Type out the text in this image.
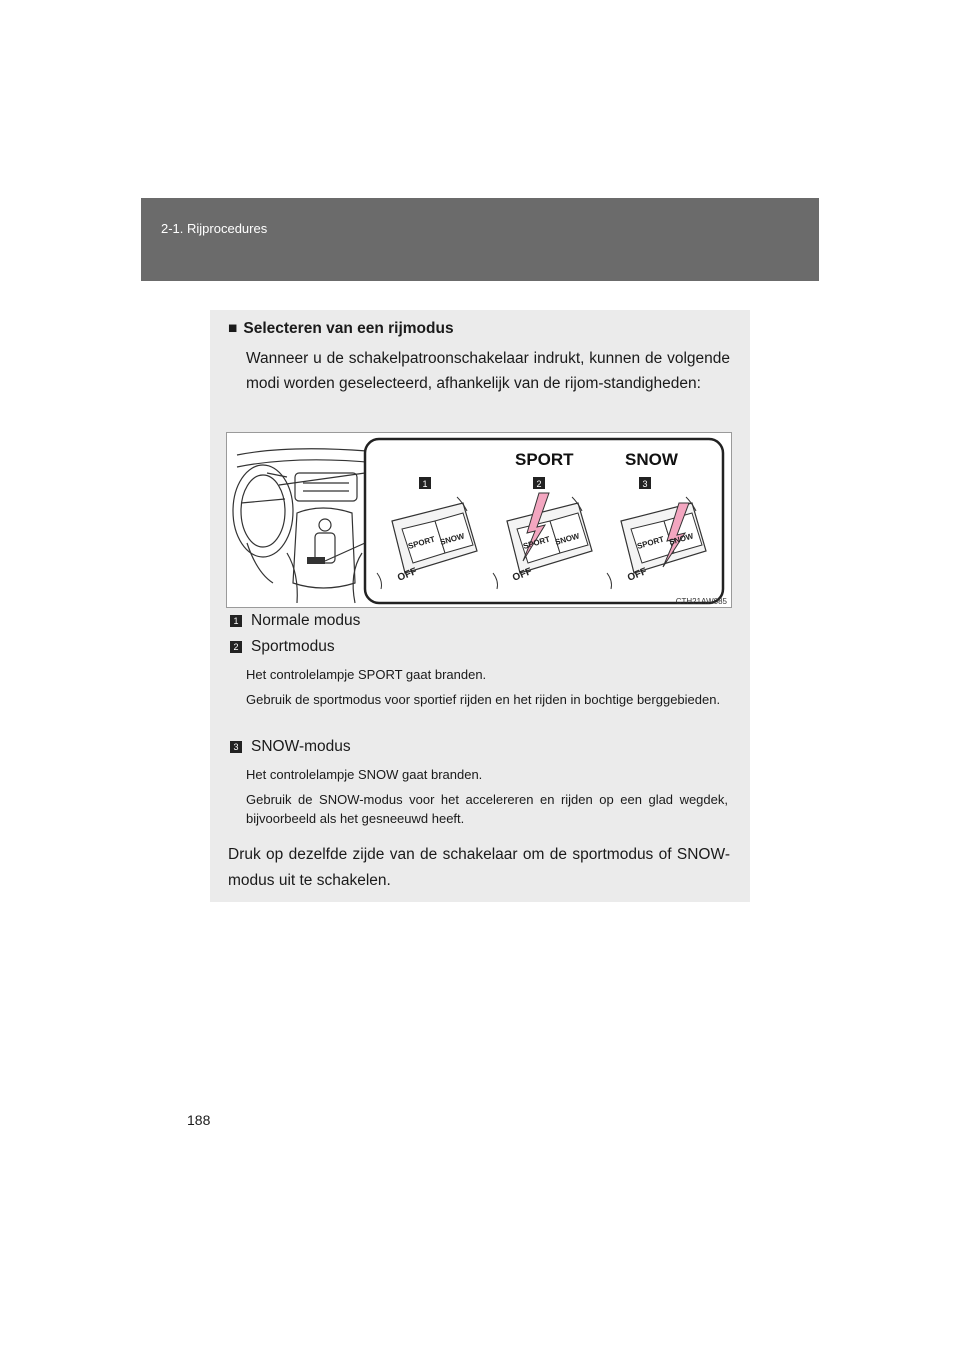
2-1. Rijprocedures
■ Selecteren van een rijmodus
Wanneer u de schakelpatroonschakelaar indrukt, kunnen de volgende modi worden geselecteerd, afhankelijk van de rijom-standigheden:
SPORT SNOW	SPORT SNOW	SPORT SNOW
OFF	OFF	OFF
SPORT	SNOW
1	2	3
CTH21AW085
1 Normale modus
2 Sportmodus
Het controlelampje SPORT gaat branden.
Gebruik de sportmodus voor sportief rijden en het rijden in bochtige berggebieden.
3 SNOW-modus
Het controlelampje SNOW gaat branden.
Gebruik de SNOW-modus voor het accelereren en rijden op een glad wegdek, bijvoorbeeld als het gesneeuwd heeft.
Druk op dezelfde zijde van de schakelaar om de sportmodus of SNOW-modus uit te schakelen.
188
